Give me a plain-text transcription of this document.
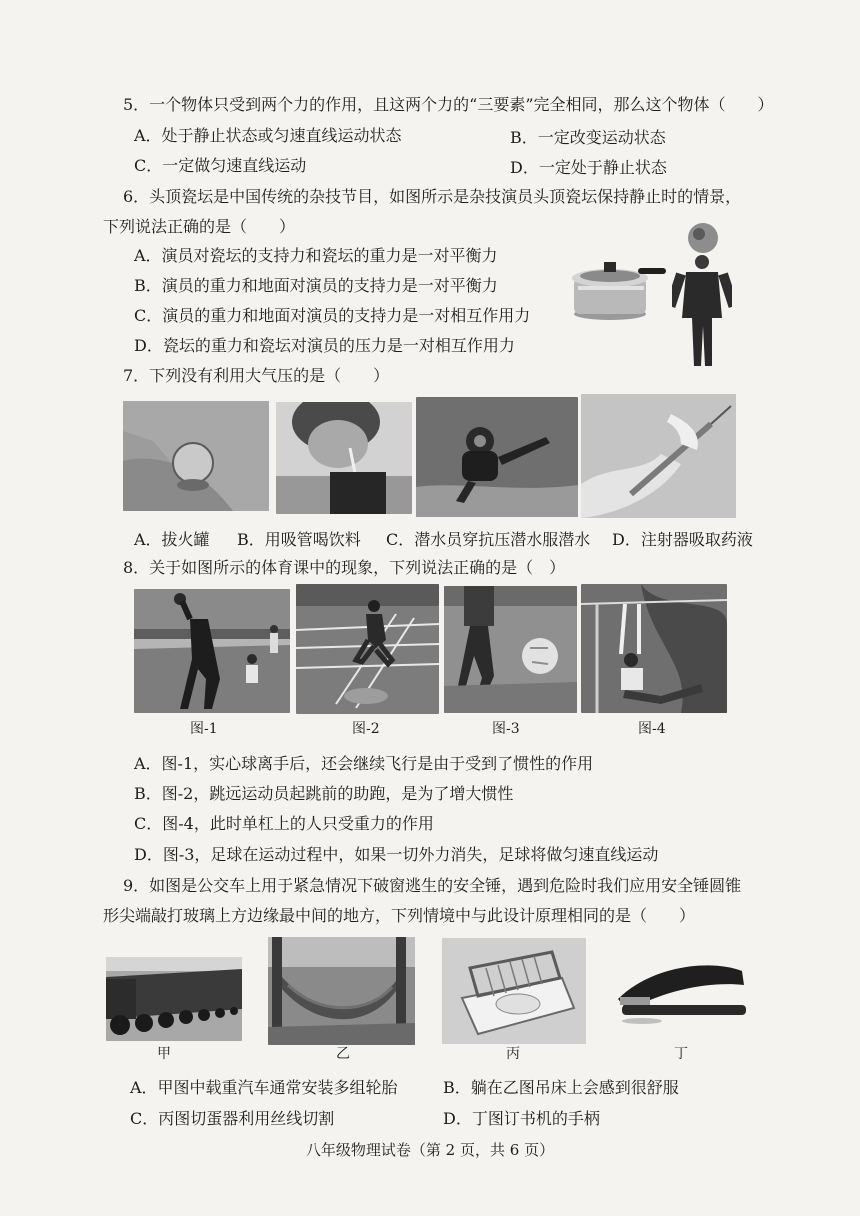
5．一个物体只受到两个力的作用，且这两个力的“三要素”完全相同，那么这个物体（　　）
A．处于静止状态或匀速直线运动状态	B．一定改变运动状态
C．一定做匀速直线运动	D．一定处于静止状态
6．头顶瓷坛是中国传统的杂技节目，如图所示是杂技演员头顶瓷坛保持静止时的情景，
下列说法正确的是（　　）
A．演员对瓷坛的支持力和瓷坛的重力是一对平衡力
B．演员的重力和地面对演员的支持力是一对平衡力
C．演员的重力和地面对演员的支持力是一对相互作用力
D．瓷坛的重力和瓷坛对演员的压力是一对相互作用力
7．下列没有利用大气压的是（　　）
A．拔火罐 B．用吸管喝饮料 C．潜水员穿抗压潜水服潜水 D．注射器吸取药液
8．关于如图所示的体育课中的现象，下列说法正确的是（　）
图-1	图-2	图-3	图-4
A．图-1，实心球离手后，还会继续飞行是由于受到了惯性的作用
B．图-2，跳远运动员起跳前的助跑，是为了增大惯性
C．图-4，此时单杠上的人只受重力的作用
D．图-3，足球在运动过程中，如果一切外力消失，足球将做匀速直线运动
9．如图是公交车上用于紧急情况下破窗逃生的安全锤，遇到危险时我们应用安全锤圆锥
形尖端敲打玻璃上方边缘最中间的地方，下列情境中与此设计原理相同的是（　　）
甲	乙	丙	丁
A．甲图中载重汽车通常安装多组轮胎	B．躺在乙图吊床上会感到很舒服
C．丙图切蛋器利用丝线切割	D．丁图订书机的手柄
八年级物理试卷（第 2 页，共 6 页）
